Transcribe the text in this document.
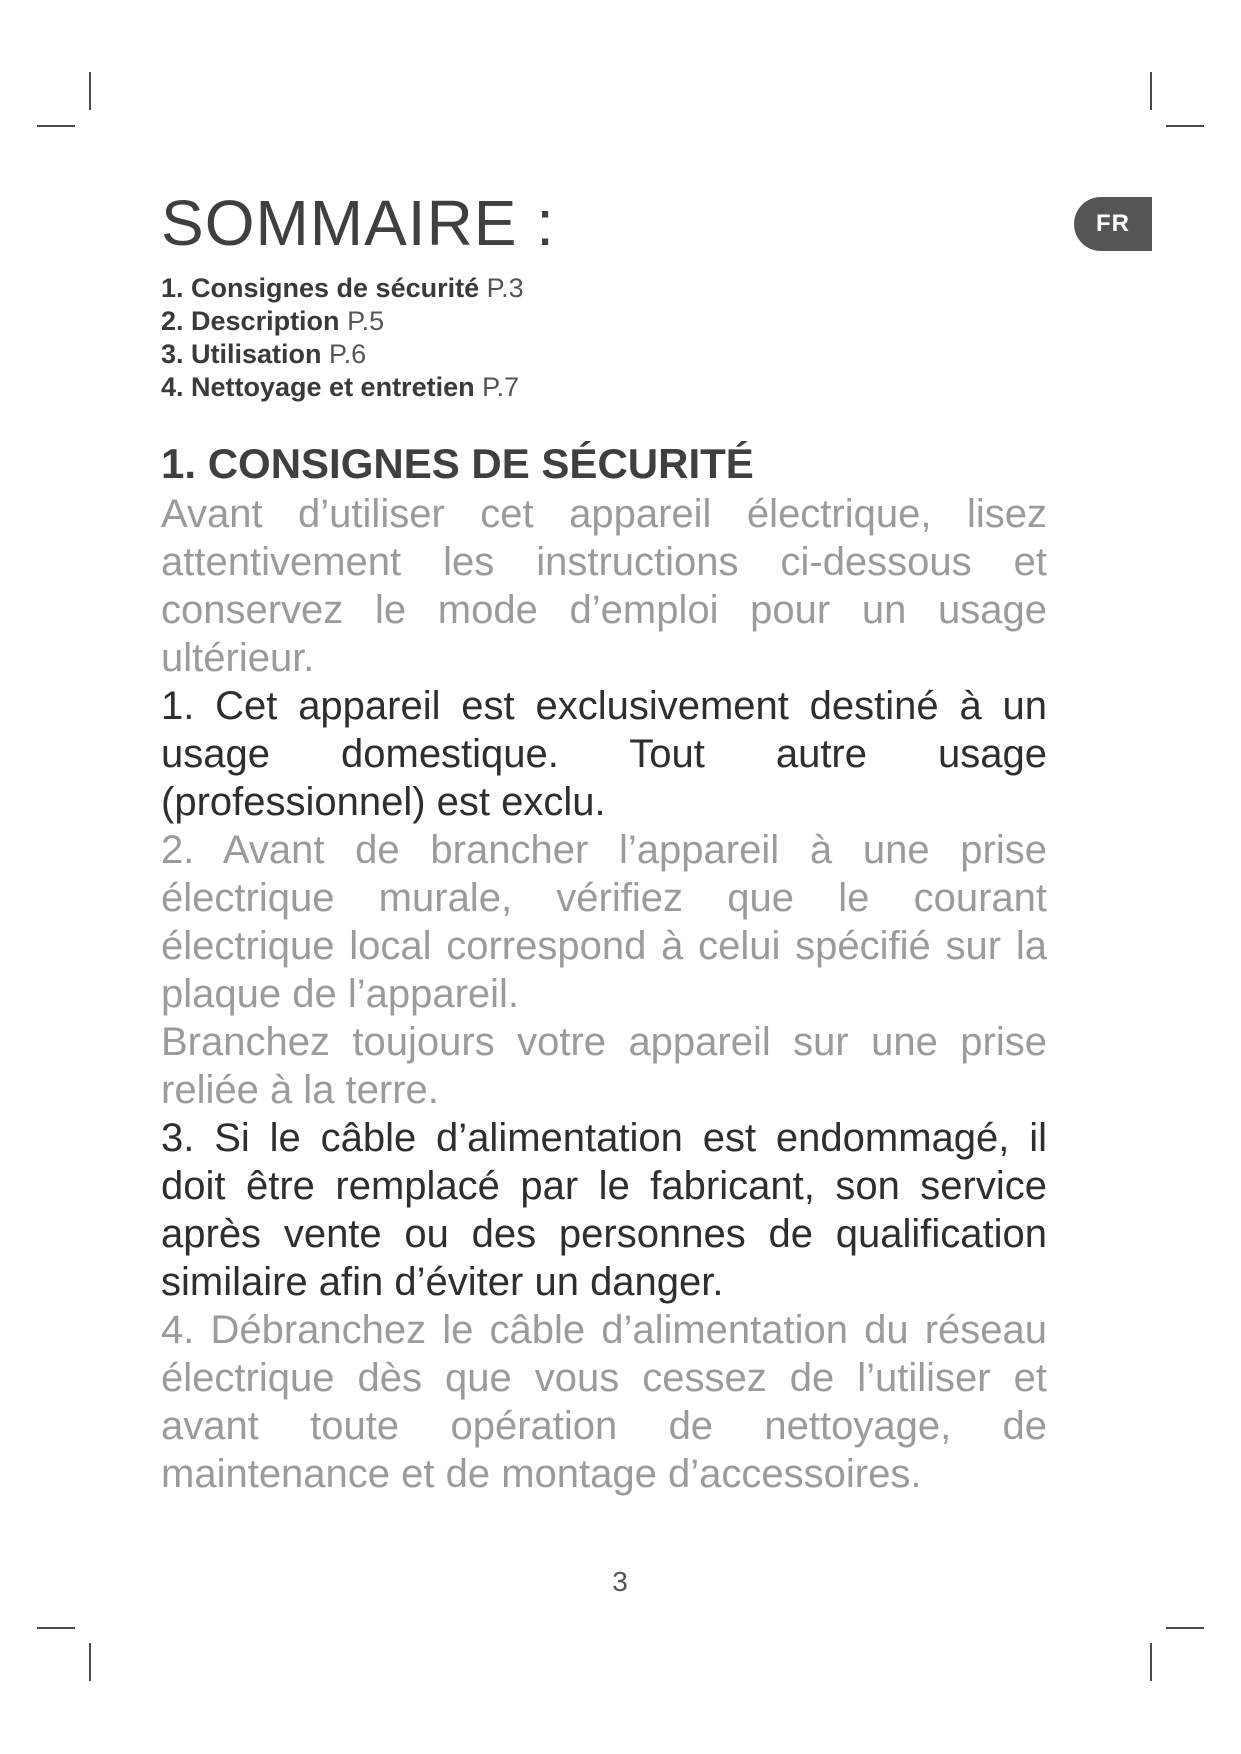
SOMMAIRE :	FR
1. Consignes de sécurité P.3
2. Description P.5
3. Utilisation P.6
4. Nettoyage et entretien P.7
1. CONSIGNES DE SÉCURITÉ

Avant d’utiliser cet appareil électrique, lisez attentivement les instructions ci-dessous et conservez le mode d’emploi pour un usage ultérieur.

1. Cet appareil est exclusivement destiné à un usage domestique. Tout autre usage (professionnel) est exclu.

2. Avant de brancher l’appareil à une prise électrique murale, vérifiez que le courant électrique local correspond à celui spécifié sur la plaque de l’appareil.

Branchez toujours votre appareil sur une prise reliée à la terre.

3. Si le câble d’alimentation est endommagé, il doit être remplacé par le fabricant, son service après vente ou des personnes de qualification similaire afin d’éviter un danger.

4. Débranchez le câble d’alimentation du réseau électrique dès que vous cessez de l’utiliser et avant toute opération de nettoyage, de maintenance et de montage d’accessoires.

3
